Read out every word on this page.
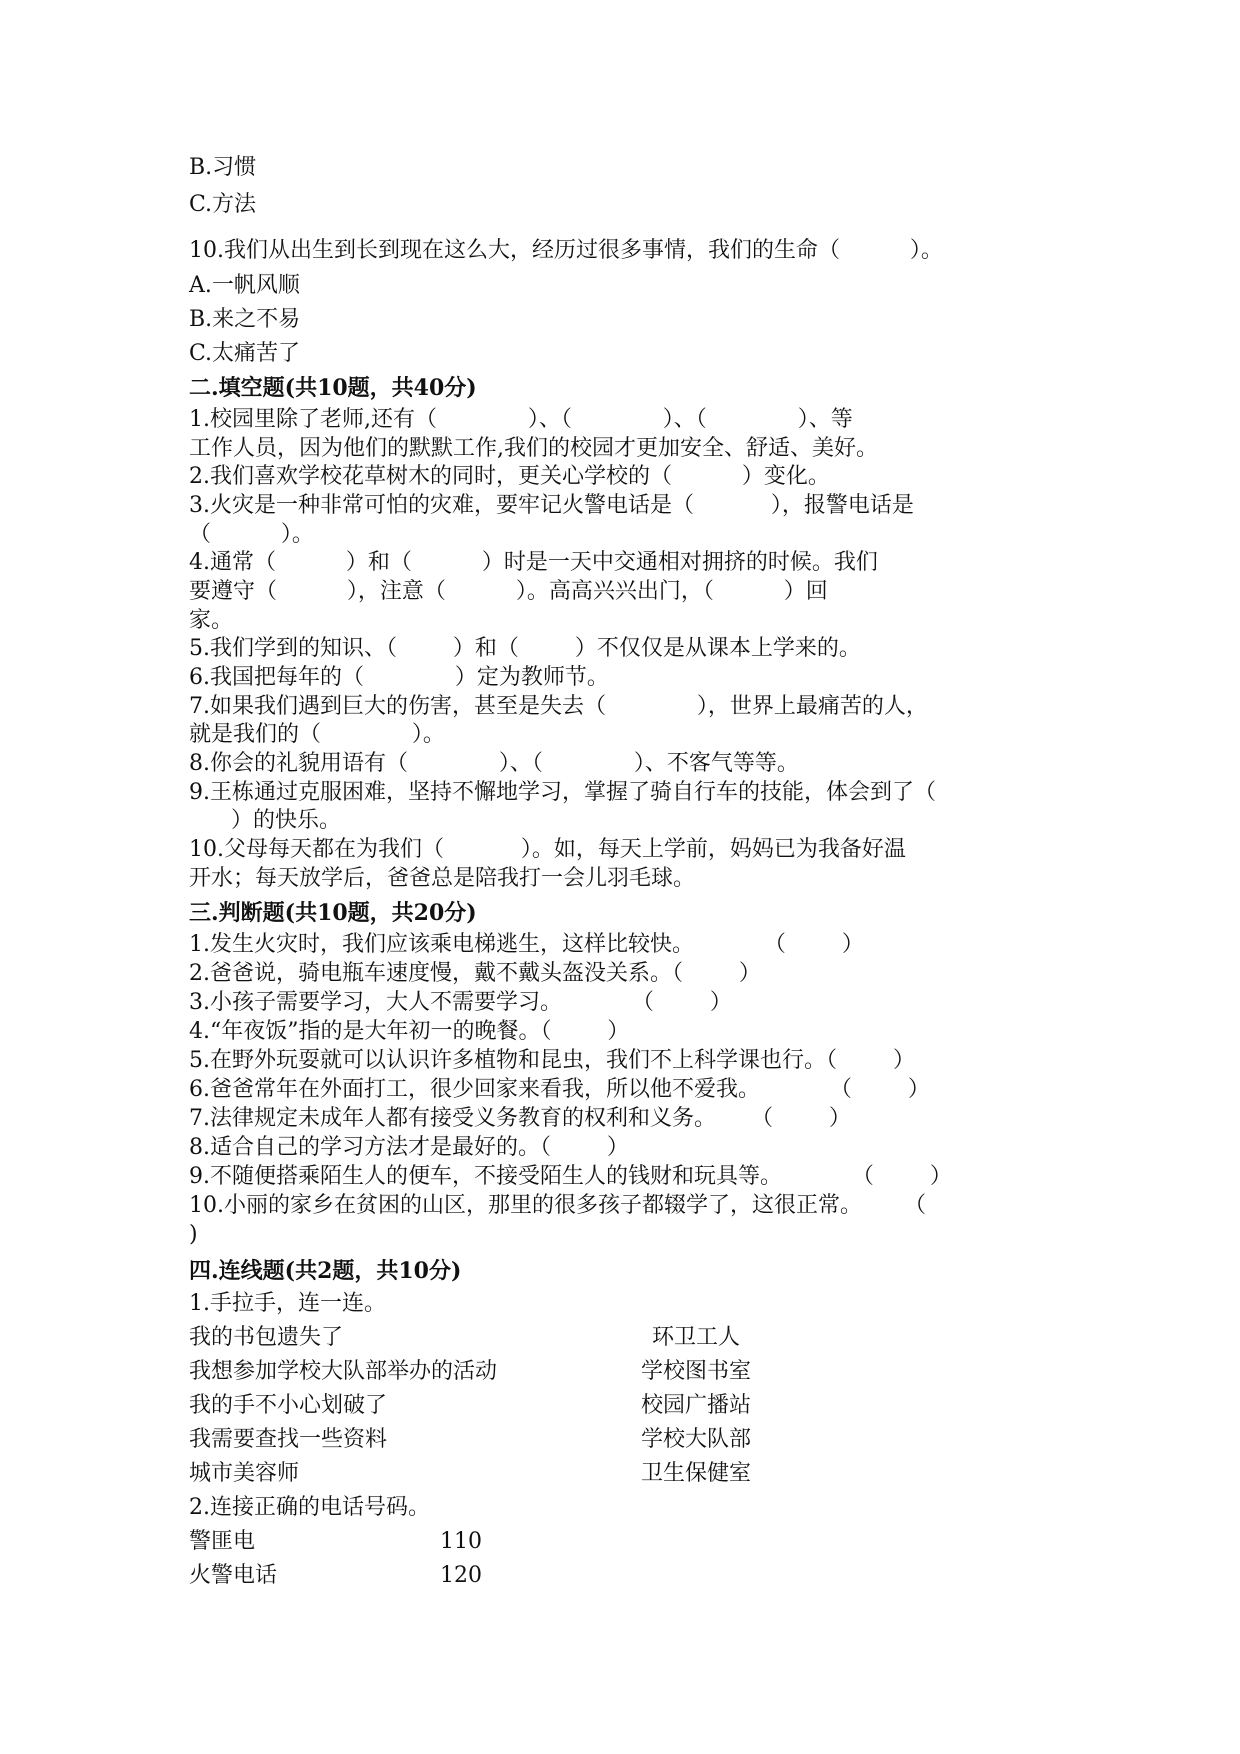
B.习惯
C.方法
10.我们从出生到长到现在这么大，经历过很多事情，我们的生命（          ）。
A.一帆风顺
B.来之不易
C.太痛苦了
二.填空题(共10题，共40分)
1.校园里除了老师,还有（             ）、（             ）、（             ）、等
工作人员，因为他们的默默工作,我们的校园才更加安全、舒适、美好。
2.我们喜欢学校花草树木的同时，更关心学校的（          ）变化。
3.火灾是一种非常可怕的灾难，要牢记火警电话是（           ），报警电话是
（          ）。
4.通常（          ）和（          ）时是一天中交通相对拥挤的时候。我们
要遵守（          ），注意（          ）。高高兴兴出门，（          ）回
家。
5.我们学到的知识、（        ）和（        ）不仅仅是从课本上学来的。
6.我国把每年的（             ）定为教师节。
7.如果我们遇到巨大的伤害，甚至是失去（             ），世界上最痛苦的人，
就是我们的（             ）。
8.你会的礼貌用语有（             ）、（             ）、不客气等等。
9.王栋通过克服困难，坚持不懈地学习，掌握了骑自行车的技能，体会到了（
）的快乐。
10.父母每天都在为我们（           ）。如，每天上学前，妈妈已为我备好温
开水；每天放学后，爸爸总是陪我打一会儿羽毛球。
三.判断题(共10题，共20分)
1.发生火灾时，我们应该乘电梯逃生，这样比较快。          （        ）
2.爸爸说，骑电瓶车速度慢，戴不戴头盔没关系。（        ）
3.小孩子需要学习，大人不需要学习。          （        ）
4.“年夜饭”指的是大年初一的晚餐。（        ）
5.在野外玩耍就可以认识许多植物和昆虫，我们不上科学课也行。（        ）
6.爸爸常年在外面打工，很少回家来看我，所以他不爱我。          （        ）
7.法律规定未成年人都有接受义务教育的权利和义务。     （        ）
8.适合自己的学习方法才是最好的。（        ）
9.不随便搭乘陌生人的便车，不接受陌生人的钱财和玩具等。          （        ）
10.小丽的家乡在贫困的山区，那里的很多孩子都辍学了，这很正常。      （
)
四.连线题(共2题，共10分)
1.手拉手，连一连。
我的书包遗失了
我想参加学校大队部举办的活动
我的手不小心划破了
我需要查找一些资料
城市美容师
环卫工人
学校图书室
校园广播站
学校大队部
卫生保健室
2.连接正确的电话号码。
警匪电
火警电话
110
120
